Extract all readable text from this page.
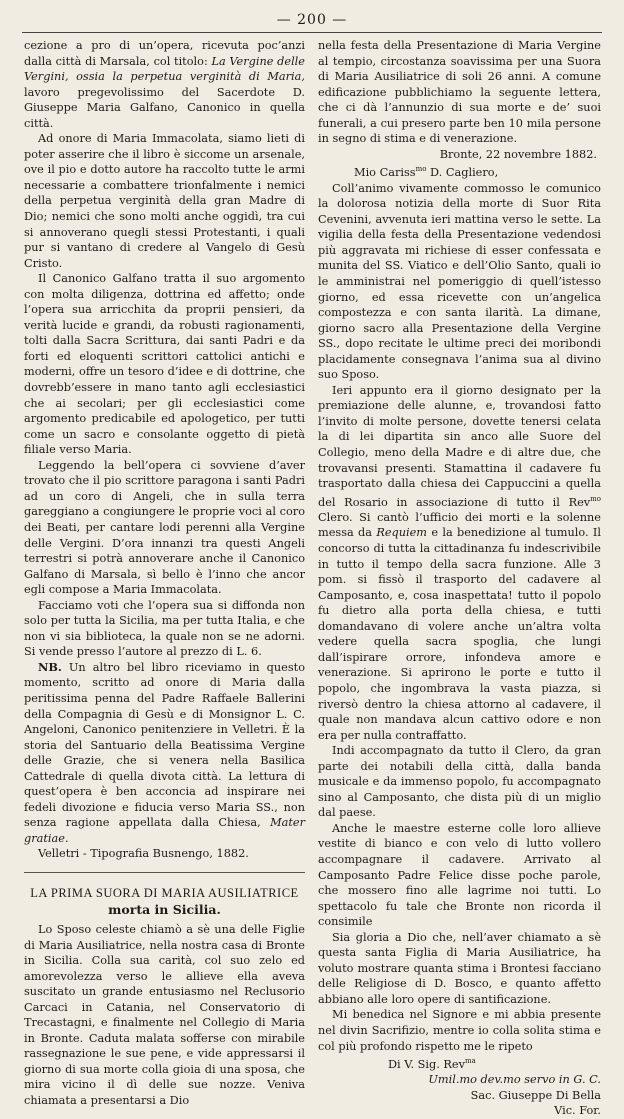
— 200 —

cezione a pro di un’opera, ricevuta poc’anzi dalla città di Marsala, col titolo: La Vergine delle Vergini, ossia la perpetua verginità di Maria, lavoro pregevolissimo del Sacerdote D. Giuseppe Maria Galfano, Canonico in quella città.

Ad onore di Maria Immacolata, siamo lieti di poter asserire che il libro è siccome un arsenale, ove il pio e dotto autore ha raccolto tutte le armi necessarie a combattere trionfalmente i nemici della perpetua verginità della gran Madre di Dio; nemici che sono molti anche oggidì, tra cui si annoverano quegli stessi Protestanti, i quali pur si vantano di credere al Vangelo di Gesù Cristo.

Il Canonico Galfano tratta il suo argomento con molta diligenza, dottrina ed affetto; onde l’opera sua arricchita da proprii pensieri, da verità lucide e grandi, da robusti ragionamenti, tolti dalla Sacra Scrittura, dai santi Padri e da forti ed eloquenti scrittori cattolici antichi e moderni, offre un tesoro d’idee e di dottrine, che dovrebb’essere in mano tanto agli ecclesiastici che ai secolari; per gli ecclesiastici come argomento predicabile ed apologetico, per tutti come un sacro e consolante oggetto di pietà filiale verso Maria.

Leggendo la bell’opera ci sovviene d’aver trovato che il pio scrittore paragona i santi Padri ad un coro di Angeli, che in sulla terra gareggiano a congiungere le proprie voci al coro dei Beati, per cantare lodi perenni alla Vergine delle Vergini. D’ora innanzi tra questi Angeli terrestri si potrà annoverare anche il Canonico Galfano di Marsala, sì bello è l’inno che ancor egli compose a Maria Immacolata.

Facciamo voti che l’opera sua si diffonda non solo per tutta la Sicilia, ma per tutta Italia, e che non vi sia biblioteca, la quale non se ne adorni. Si vende presso l’autore al prezzo di L. 6.

NB. Un altro bel libro riceviamo in questo momento, scritto ad onore di Maria dalla peritissima penna del Padre Raffaele Ballerini della Compagnia di Gesù e di Monsignor L. C. Angeloni, Canonico penitenziere in Velletri. È la storia del Santuario della Beatissima Vergine delle Grazie, che si venera nella Basilica Cattedrale di quella divota città. La lettura di quest’opera è ben acconcia ad inspirare nei fedeli divozione e fiducia verso Maria SS., non senza ragione appellata dalla Chiesa, Mater gratiae.

Velletri - Tipografia Busnengo, 1882.

LA PRIMA SUORA DI MARIA AUSILIATRICE
morta in Sicilia.

Lo Sposo celeste chiamò a sè una delle Figlie di Maria Ausiliatrice, nella nostra casa di Bronte in Sicilia. Colla sua carità, col suo zelo ed amorevolezza verso le allieve ella aveva suscitato un grande entusiasmo nel Reclusorio Carcaci in Catania, nel Conservatorio di Trecastagni, e finalmente nel Collegio di Maria in Bronte. Caduta malata sofferse con mirabile rassegnazione le sue pene, e vide appressarsi il giorno di sua morte colla gioia di una sposa, che mira vicino il dì delle sue nozze. Veniva chiamata a presentarsi a Dio

nella festa della Presentazione di Maria Vergine al tempio, circostanza soavissima per una Suora di Maria Ausiliatrice di soli 26 anni. A comune edificazione pubblichiamo la seguente lettera, che ci dà l’annunzio di sua morte e de’ suoi funerali, a cui presero parte ben 10 mila persone in segno di stima e di venerazione.

Bronte, 22 novembre 1882.

Mio Cariss$^{mo}$ D. Cagliero,

Coll’animo vivamente commosso le comunico la dolorosa notizia della morte di Suor Rita Cevenini, avvenuta ieri mattina verso le sette. La vigilia della festa della Presentazione vedendosi più aggravata mi richiese di esser confessata e munita del SS. Viatico e dell’Olio Santo, quali io le amministrai nel pomeriggio di quell’istesso giorno, ed essa ricevette con un’angelica compostezza e con santa ilarità. La dimane, giorno sacro alla Presentazione della Vergine SS., dopo recitate le ultime preci dei moribondi placidamente consegnava l’anima sua al divino suo Sposo.

Ieri appunto era il giorno designato per la premiazione delle alunne, e, trovandosi fatto l’invito di molte persone, dovette tenersi celata la di lei dipartita sin anco alle Suore del Collegio, meno della Madre e di altre due, che trovavansi presenti. Stamattina il cadavere fu trasportato dalla chiesa dei Cappuccini a quella del Rosario in associazione di tutto il Rev$^{mo}$ Clero. Si cantò l’ufficio dei morti e la solenne messa da Requiem e la benedizione al tumulo. Il concorso di tutta la cittadinanza fu indescrivibile in tutto il tempo della sacra funzione. Alle 3 pom. si fissò il trasporto del cadavere al Camposanto, e, cosa inaspettata! tutto il popolo fu dietro alla porta della chiesa, e tutti domandavano di volere anche un’altra volta vedere quella sacra spoglia, che lungi dall’ispirare orrore, infondeva amore e venerazione. Si aprirono le porte e tutto il popolo, che ingombrava la vasta piazza, si riversò dentro la chiesa attorno al cadavere, il quale non mandava alcun cattivo odore e non era per nulla contraffatto.

Indi accompagnato da tutto il Clero, da gran parte dei notabili della città, dalla banda musicale e da immenso popolo, fu accompagnato sino al Camposanto, che dista più di un miglio dal paese.

Anche le maestre esterne colle loro allieve vestite di bianco e con velo di lutto vollero accompagnare il cadavere. Arrivato al Camposanto Padre Felice disse poche parole, che mossero fino alle lagrime noi tutti. Lo spettacolo fu tale che Bronte non ricorda il consimile

Sia gloria a Dio che, nell’aver chiamato a sè questa santa Figlia di Maria Ausiliatrice, ha voluto mostrare quanta stima i Brontesi facciano delle Religiose di D. Bosco, e quanto affetto abbiano alle loro opere di santificazione.

Mi benedica nel Signore e mi abbia presente nel divin Sacrifizio, mentre io colla solita stima e col più profondo rispetto me le ripeto

Di V. Sig. Rev$^{ma}$

Umil.mo dev.mo servo in G. C.
Sac. Giuseppe Di Bella
Vic. For.
